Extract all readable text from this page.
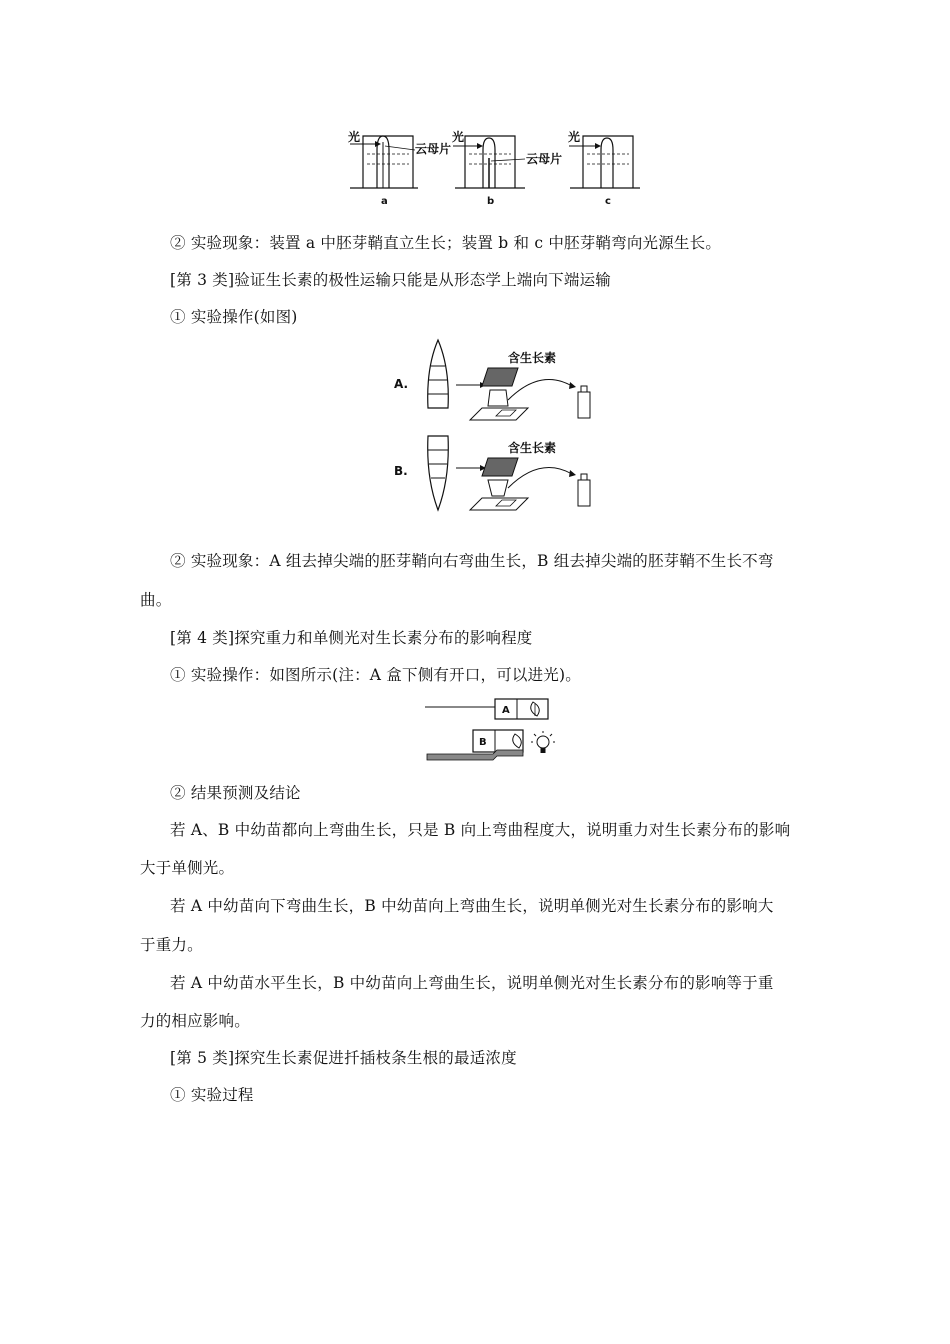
光
云母片
a
光
云母片
b
光
c
② 实验现象：装置 a 中胚芽鞘直立生长；装置 b 和 c 中胚芽鞘弯向光源生长。
[第 3 类]验证生长素的极性运输只能是从形态学上端向下端运输
① 实验操作(如图)
A.
含生长素
B.
含生长素
② 实验现象：A 组去掉尖端的胚芽鞘向右弯曲生长，B 组去掉尖端的胚芽鞘不生长不弯
曲。
[第 4 类]探究重力和单侧光对生长素分布的影响程度
① 实验操作：如图所示(注：A 盒下侧有开口，可以进光)。
A
B
② 结果预测及结论
若 A、B 中幼苗都向上弯曲生长，只是 B 向上弯曲程度大，说明重力对生长素分布的影响
大于单侧光。
若 A 中幼苗向下弯曲生长，B 中幼苗向上弯曲生长，说明单侧光对生长素分布的影响大
于重力。
若 A 中幼苗水平生长，B 中幼苗向上弯曲生长，说明单侧光对生长素分布的影响等于重
力的相应影响。
[第 5 类]探究生长素促进扦插枝条生根的最适浓度
① 实验过程
